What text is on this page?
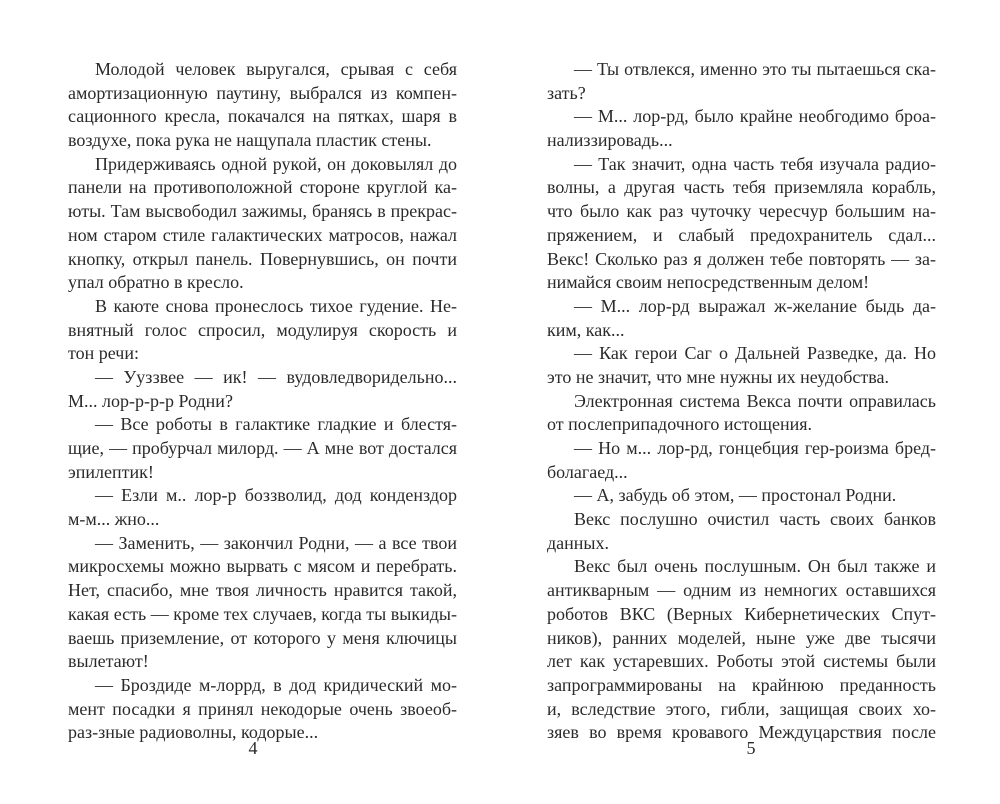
Молодой человек выругался, срывая с себя
амортизационную паутину, выбрался из компен-
сационного кресла, покачался на пятках, шаря в
воздухе, пока рука не нащупала пластик стены.
Придерживаясь одной рукой, он доковылял до
панели на противоположной стороне круглой ка-
юты. Там высвободил зажимы, бранясь в прекрас-
ном старом стиле галактических матросов, нажал
кнопку, открыл панель. Повернувшись, он почти
упал обратно в кресло.
В каюте снова пронеслось тихое гудение. Не-
внятный голос спросил, модулируя скорость и
тон речи:
— Ууззвее — ик! — вудовледворидельно...
М... лор-р-р-р Родни?
— Все роботы в галактике гладкие и блестя-
щие, — пробурчал милорд. — А мне вот достался
эпилептик!
— Езли м.. лор-р боззволид, дод конденздор
м-м... жно...
— Заменить, — закончил Родни, — а все твои
микросхемы можно вырвать с мясом и перебрать.
Нет, спасибо, мне твоя личность нравится такой,
какая есть — кроме тех случаев, когда ты выкиды-
ваешь приземление, от которого у меня ключицы
вылетают!
— Броздиде м-лоррд, в дод кридический мо-
мент посадки я принял некодорые очень звоеоб-
раз-зные радиоволны, кодорые...
4
— Ты отвлекся, именно это ты пытаешься ска-
зать?
— М... лор-рд, было крайне необгодимо броа-
нализзировадь...
— Так значит, одна часть тебя изучала радио-
волны, а другая часть тебя приземляла корабль,
что было как раз чуточку чересчур большим на-
пряжением, и слабый предохранитель сдал...
Векс! Сколько раз я должен тебе повторять — за-
нимайся своим непосредственным делом!
— М... лор-рд выражал ж-желание быдь да-
ким, как...
— Как герои Саг о Дальней Разведке, да. Но
это не значит, что мне нужны их неудобства.
Электронная система Векса почти оправилась
от послеприпадочного истощения.
— Но м... лор-рд, гонцебция гер-роизма бред-
болагаед...
— А, забудь об этом, — простонал Родни.
Векс послушно очистил часть своих банков
данных.
Векс был очень послушным. Он был также и
антикварным — одним из немногих оставшихся
роботов ВКС (Верных Кибернетических Спут-
ников), ранних моделей, ныне уже две тысячи
лет как устаревших. Роботы этой системы были
запрограммированы на крайнюю преданность
и, вследствие этого, гибли, защищая своих хо-
зяев во время кровавого Междуцарствия после
5
